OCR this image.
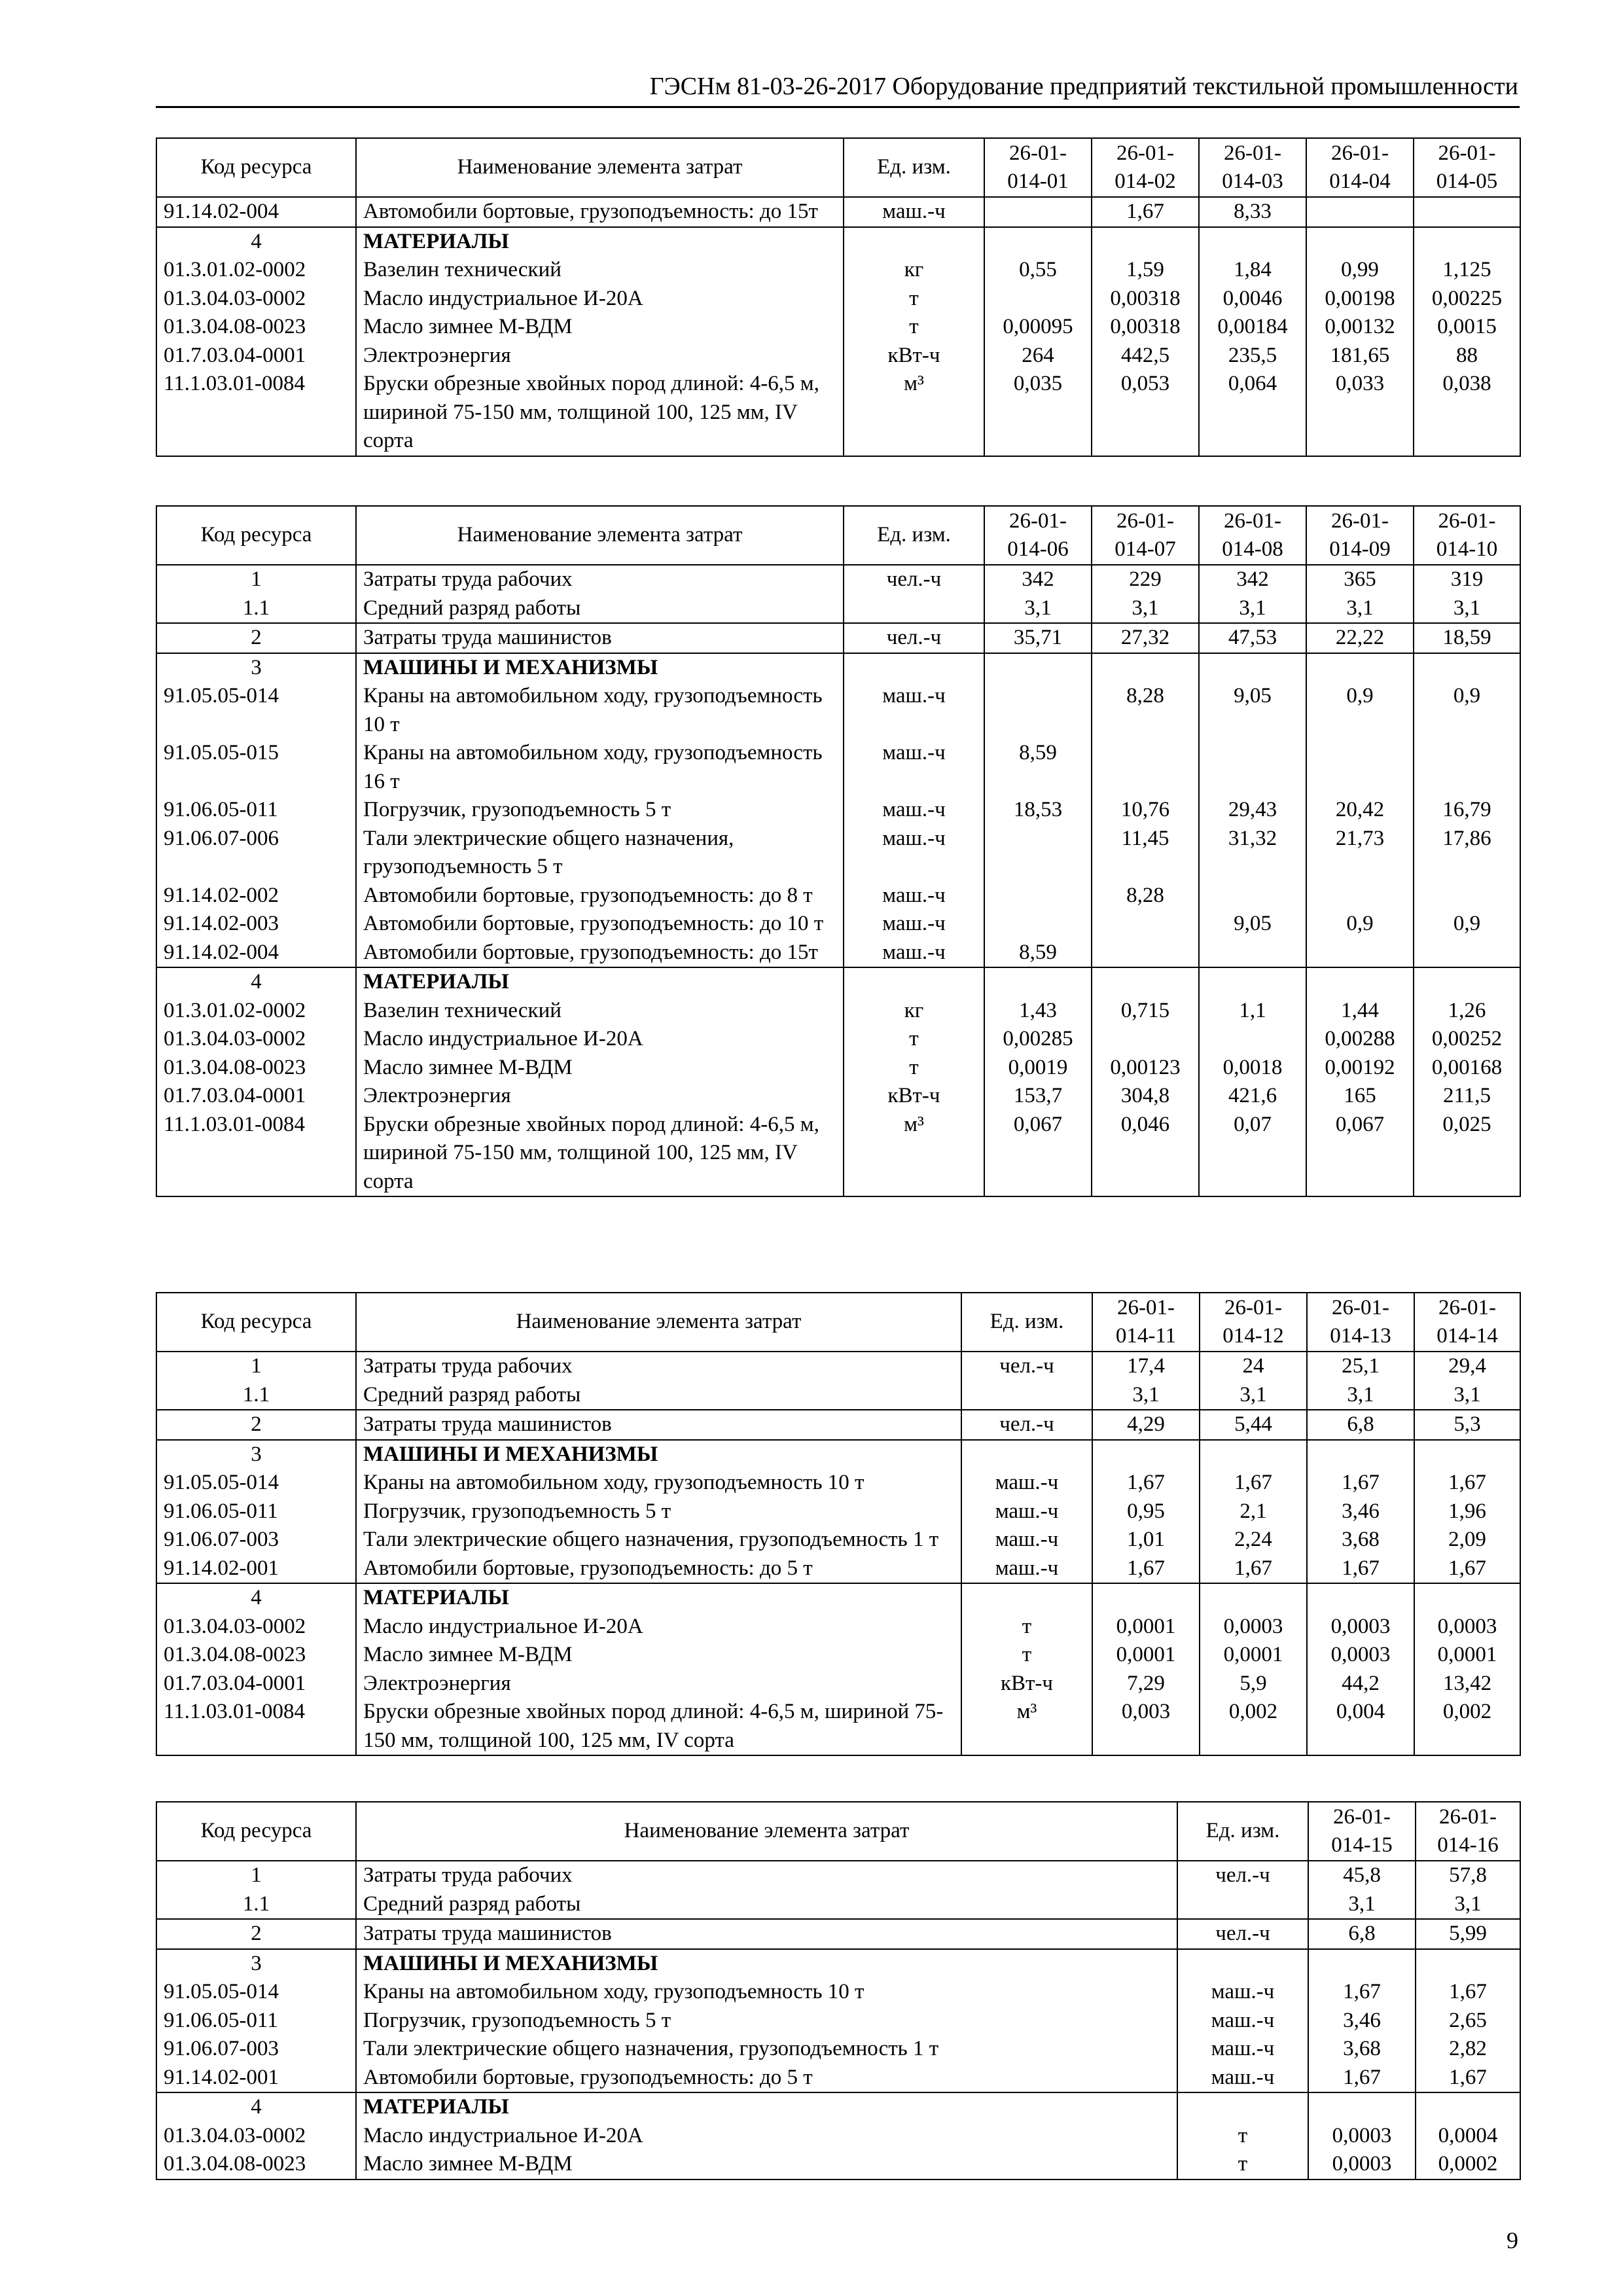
ГЭСНм 81-03-26-2017 Оборудование предприятий текстильной промышленности
Код ресурса	Наименование элемента затрат	Ед. изм.	26-01-014-01	26-01-014-02	26-01-014-03	26-01-014-04	26-01-014-05
91.14.02-004	Автомобили бортовые, грузоподъемность: до 15т	маш.-ч		1,67	8,33		
4	МАТЕРИАЛЫ						
01.3.01.02-0002	Вазелин технический	кг	0,55	1,59	1,84	0,99	1,125
01.3.04.03-0002	Масло индустриальное И-20А	т		0,00318	0,0046	0,00198	0,00225
01.3.04.08-0023	Масло зимнее М-ВДМ	т	0,00095	0,00318	0,00184	0,00132	0,0015
01.7.03.04-0001	Электроэнергия	кВт-ч	264	442,5	235,5	181,65	88
11.1.03.01-0084	Бруски обрезные хвойных пород длиной: 4-6,5 м, шириной 75-150 мм, толщиной 100, 125 мм, IV сорта	м³	0,035	0,053	0,064	0,033	0,038
Код ресурса	Наименование элемента затрат	Ед. изм.	26-01-014-06	26-01-014-07	26-01-014-08	26-01-014-09	26-01-014-10
1	Затраты труда рабочих	чел.-ч	342	229	342	365	319
1.1	Средний разряд работы		3,1	3,1	3,1	3,1	3,1
2	Затраты труда машинистов	чел.-ч	35,71	27,32	47,53	22,22	18,59
3	МАШИНЫ И МЕХАНИЗМЫ						
91.05.05-014	Краны на автомобильном ходу, грузоподъемность 10 т	маш.-ч		8,28	9,05	0,9	0,9
91.05.05-015	Краны на автомобильном ходу, грузоподъемность 16 т	маш.-ч	8,59				
91.06.05-011	Погрузчик, грузоподъемность 5 т	маш.-ч	18,53	10,76	29,43	20,42	16,79
91.06.07-006	Тали электрические общего назначения, грузоподъемность 5 т	маш.-ч		11,45	31,32	21,73	17,86
91.14.02-002	Автомобили бортовые, грузоподъемность: до 8 т	маш.-ч		8,28			
91.14.02-003	Автомобили бортовые, грузоподъемность: до 10 т	маш.-ч			9,05	0,9	0,9
91.14.02-004	Автомобили бортовые, грузоподъемность: до 15т	маш.-ч	8,59				
4	МАТЕРИАЛЫ						
01.3.01.02-0002	Вазелин технический	кг	1,43	0,715	1,1	1,44	1,26
01.3.04.03-0002	Масло индустриальное И-20А	т	0,00285			0,00288	0,00252
01.3.04.08-0023	Масло зимнее М-ВДМ	т	0,0019	0,00123	0,0018	0,00192	0,00168
01.7.03.04-0001	Электроэнергия	кВт-ч	153,7	304,8	421,6	165	211,5
11.1.03.01-0084	Бруски обрезные хвойных пород длиной: 4-6,5 м, шириной 75-150 мм, толщиной 100, 125 мм, IV сорта	м³	0,067	0,046	0,07	0,067	0,025
Код ресурса	Наименование элемента затрат	Ед. изм.	26-01-014-11	26-01-014-12	26-01-014-13	26-01-014-14
1	Затраты труда рабочих	чел.-ч	17,4	24	25,1	29,4
1.1	Средний разряд работы		3,1	3,1	3,1	3,1
2	Затраты труда машинистов	чел.-ч	4,29	5,44	6,8	5,3
3	МАШИНЫ И МЕХАНИЗМЫ					
91.05.05-014	Краны на автомобильном ходу, грузоподъемность 10 т	маш.-ч	1,67	1,67	1,67	1,67
91.06.05-011	Погрузчик, грузоподъемность 5 т	маш.-ч	0,95	2,1	3,46	1,96
91.06.07-003	Тали электрические общего назначения, грузоподъемность 1 т	маш.-ч	1,01	2,24	3,68	2,09
91.14.02-001	Автомобили бортовые, грузоподъемность: до 5 т	маш.-ч	1,67	1,67	1,67	1,67
4	МАТЕРИАЛЫ					
01.3.04.03-0002	Масло индустриальное И-20А	т	0,0001	0,0003	0,0003	0,0003
01.3.04.08-0023	Масло зимнее М-ВДМ	т	0,0001	0,0001	0,0003	0,0001
01.7.03.04-0001	Электроэнергия	кВт-ч	7,29	5,9	44,2	13,42
11.1.03.01-0084	Бруски обрезные хвойных пород длиной: 4-6,5 м, шириной 75-150 мм, толщиной 100, 125 мм, IV сорта	м³	0,003	0,002	0,004	0,002
Код ресурса	Наименование элемента затрат	Ед. изм.	26-01-014-15	26-01-014-16
1	Затраты труда рабочих	чел.-ч	45,8	57,8
1.1	Средний разряд работы		3,1	3,1
2	Затраты труда машинистов	чел.-ч	6,8	5,99
3	МАШИНЫ И МЕХАНИЗМЫ			
91.05.05-014	Краны на автомобильном ходу, грузоподъемность 10 т	маш.-ч	1,67	1,67
91.06.05-011	Погрузчик, грузоподъемность 5 т	маш.-ч	3,46	2,65
91.06.07-003	Тали электрические общего назначения, грузоподъемность 1 т	маш.-ч	3,68	2,82
91.14.02-001	Автомобили бортовые, грузоподъемность: до 5 т	маш.-ч	1,67	1,67
4	МАТЕРИАЛЫ			
01.3.04.03-0002	Масло индустриальное И-20А	т	0,0003	0,0004
01.3.04.08-0023	Масло зимнее М-ВДМ	т	0,0003	0,0002
9
